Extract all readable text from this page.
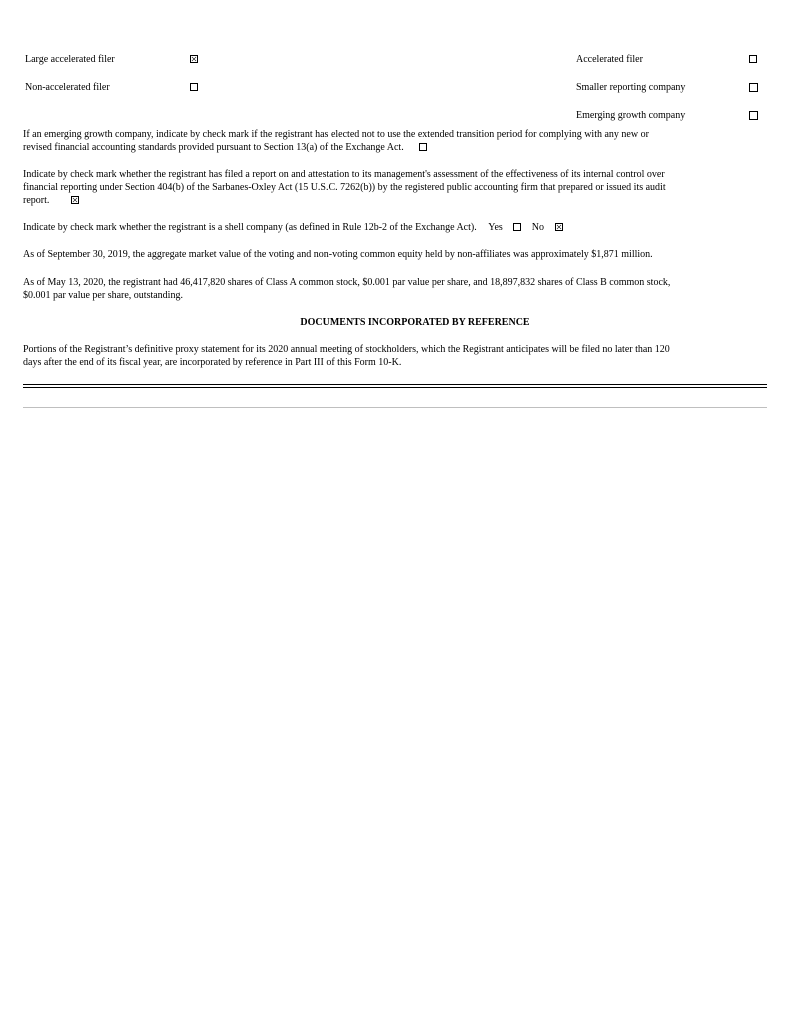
Large accelerated filer	Accelerated filer
Non-accelerated filer	Smaller reporting company
Emerging growth company
If an emerging growth company, indicate by check mark if the registrant has elected not to use the extended transition period for complying with any new or
revised financial accounting standards provided pursuant to Section 13(a) of the Exchange Act.
Indicate by check mark whether the registrant has filed a report on and attestation to its management's assessment of the effectiveness of its internal control over
financial reporting under Section 404(b) of the Sarbanes-Oxley Act (15 U.S.C. 7262(b)) by the registered public accounting firm that prepared or issued its audit
report.
Indicate by check mark whether the registrant is a shell company (as defined in Rule 12b-2 of the Exchange Act). Yes	No
As of September 30, 2019, the aggregate market value of the voting and non-voting common equity held by non-affiliates was approximately $1,871 million.
As of May 13, 2020, the registrant had 46,417,820 shares of Class A common stock, $0.001 par value per share, and 18,897,832 shares of Class B common stock,
$0.001 par value per share, outstanding.
DOCUMENTS INCORPORATED BY REFERENCE
Portions of the Registrant’s definitive proxy statement for its 2020 annual meeting of stockholders, which the Registrant anticipates will be filed no later than 120
days after the end of its fiscal year, are incorporated by reference in Part III of this Form 10-K.
